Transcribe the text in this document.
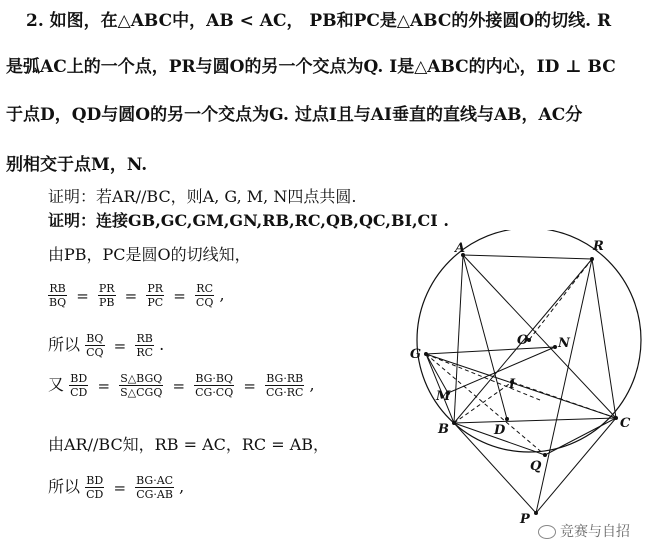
2. 如图，在△ABC中，AB < AC， PB和PC是△ABC的外接圆O的切线. R
是弧AC上的一个点，PR与圆O的另一个交点为Q. I是△ABC的内心，ID ⊥ BC
于点D，QD与圆O的另一个交点为G. 过点I且与AI垂直的直线与AB，AC分
别相交于点M，N.
证明：若AR//BC，则A, G, M, N四点共圆.
证明：连接GB,GC,GM,GN,RB,RC,QB,QC,BI,CI .
由PB，PC是圆O的切线知，
$\frac{RB}{BQ} = \frac{PR}{PB} = \frac{PR}{PC} = \frac{RC}{CQ}$ ,
所以 $\frac{BQ}{CQ} = \frac{RB}{RC}$ .
又 $\frac{BD}{CD} = \frac{\text{S△BGQ}}{\text{S△CGQ}} = \frac{BG\cdot BQ}{CG\cdot CQ} = \frac{BG\cdot RB}{CG\cdot RC}$ ,
由AR//BC知，RB = AC，RC = AB，
所以 $\frac{BD}{CD} = \frac{BG\cdot AC}{CG\cdot AB}$ ,
A	R
O N
G
I
M
B	D	C
Q
P
竞赛与自招
